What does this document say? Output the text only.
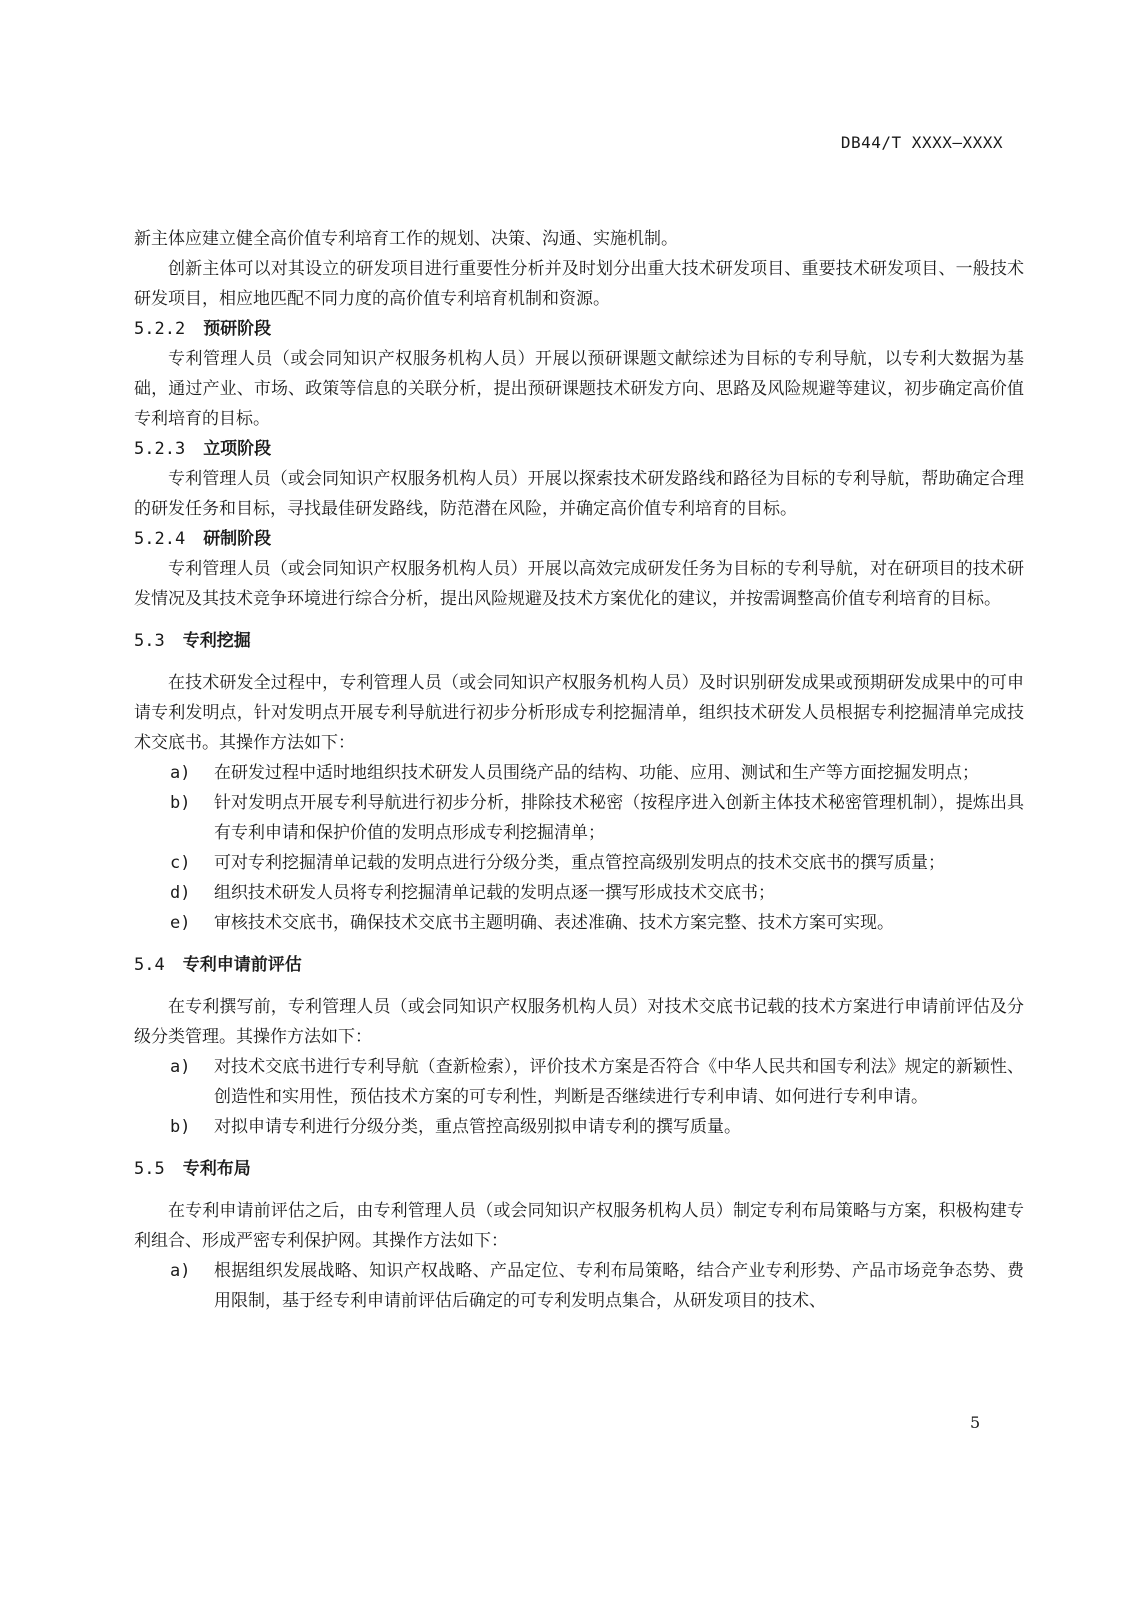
DB44/T XXXX—XXXX

新主体应建立健全高价值专利培育工作的规划、决策、沟通、实施机制。

创新主体可以对其设立的研发项目进行重要性分析并及时划分出重大技术研发项目、重要技术研发项目、一般技术研发项目，相应地匹配不同力度的高价值专利培育机制和资源。

5.2.2 预研阶段

专利管理人员（或会同知识产权服务机构人员）开展以预研课题文献综述为目标的专利导航，以专利大数据为基础，通过产业、市场、政策等信息的关联分析，提出预研课题技术研发方向、思路及风险规避等建议，初步确定高价值专利培育的目标。

5.2.3 立项阶段

专利管理人员（或会同知识产权服务机构人员）开展以探索技术研发路线和路径为目标的专利导航，帮助确定合理的研发任务和目标，寻找最佳研发路线，防范潜在风险，并确定高价值专利培育的目标。

5.2.4 研制阶段

专利管理人员（或会同知识产权服务机构人员）开展以高效完成研发任务为目标的专利导航，对在研项目的技术研发情况及其技术竞争环境进行综合分析，提出风险规避及技术方案优化的建议，并按需调整高价值专利培育的目标。

5.3 专利挖掘

在技术研发全过程中，专利管理人员（或会同知识产权服务机构人员）及时识别研发成果或预期研发成果中的可申请专利发明点，针对发明点开展专利导航进行初步分析形成专利挖掘清单，组织技术研发人员根据专利挖掘清单完成技术交底书。其操作方法如下：

a)	在研发过程中适时地组织技术研发人员围绕产品的结构、功能、应用、测试和生产等方面挖掘发明点；
b)	针对发明点开展专利导航进行初步分析，排除技术秘密（按程序进入创新主体技术秘密管理机制），提炼出具有专利申请和保护价值的发明点形成专利挖掘清单；
c)	可对专利挖掘清单记载的发明点进行分级分类，重点管控高级别发明点的技术交底书的撰写质量；
d)	组织技术研发人员将专利挖掘清单记载的发明点逐一撰写形成技术交底书；
e)	审核技术交底书，确保技术交底书主题明确、表述准确、技术方案完整、技术方案可实现。
5.4 专利申请前评估

在专利撰写前，专利管理人员（或会同知识产权服务机构人员）对技术交底书记载的技术方案进行申请前评估及分级分类管理。其操作方法如下：

a)	对技术交底书进行专利导航（查新检索），评价技术方案是否符合《中华人民共和国专利法》规定的新颖性、创造性和实用性，预估技术方案的可专利性，判断是否继续进行专利申请、如何进行专利申请。
b)	对拟申请专利进行分级分类，重点管控高级别拟申请专利的撰写质量。
5.5 专利布局

在专利申请前评估之后，由专利管理人员（或会同知识产权服务机构人员）制定专利布局策略与方案，积极构建专利组合、形成严密专利保护网。其操作方法如下：

a)	根据组织发展战略、知识产权战略、产品定位、专利布局策略，结合产业专利形势、产品市场竞争态势、费用限制，基于经专利申请前评估后确定的可专利发明点集合，从研发项目的技术、
5
